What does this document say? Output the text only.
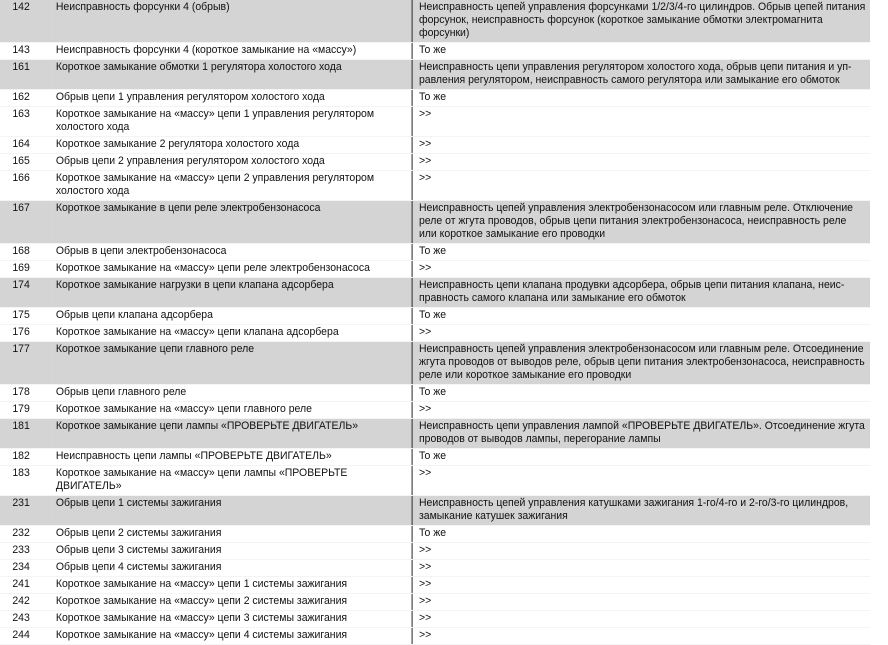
142	Неисправность форсунки 4 (обрыв)	Неисправность цепей управления форсунками 1/2/3/4-го цилиндров. Обрыв цепей питания форсунок, неисправность форсунок (короткое замыкание обмотки электромагнита форсунки)
143	Неисправность форсунки 4 (короткое замыкание на «массу»)	То же
161	Короткое замыкание обмотки 1 регулятора холостого хода	Неисправность цепи управления регулятором холостого хода, обрыв цепи питания и управления регулятором, неисправность самого регулятора или замыкание его обмоток
162	Обрыв цепи 1 управления регулятором холостого хода	То же
163	Короткое замыкание на «массу» цепи 1 управления регулятором холостого хода	>>
164	Короткое замыкание 2 регулятора холостого хода	>>
165	Обрыв цепи 2 управления регулятором холостого хода	>>
166	Короткое замыкание на «массу» цепи 2 управления регулятором холостого хода	>>
167	Короткое замыкание в цепи реле электробензонасоса	Неисправность цепей управления электробензонасосом или главным реле. Отключение реле от жгута проводов, обрыв цепи питания электробензонасоса, неисправность реле или короткое замыкание его проводки
168	Обрыв в цепи электробензонасоса	То же
169	Короткое замыкание на «массу» цепи реле электробензонасоса	>>
174	Короткое замыкание нагрузки в цепи клапана адсорбера	Неисправность цепи клапана продувки адсорбера, обрыв цепи питания клапана, неисправность самого клапана или замыкание его обмоток
175	Обрыв цепи клапана адсорбера	То же
176	Короткое замыкание на «массу» цепи клапана адсорбера	>>
177	Короткое замыкание цепи главного реле	Неисправность цепей управления электробензонасосом или главным реле. Отсоединение жгута проводов от выводов реле, обрыв цепи питания электробензонасоса, неисправность реле или короткое замыкание его проводки
178	Обрыв цепи главного реле	То же
179	Короткое замыкание на «массу» цепи главного реле	>>
181	Короткое замыкание цепи лампы «ПРОВЕРЬТЕ ДВИГАТЕЛЬ»	Неисправность цепи управления лампой «ПРОВЕРЬТЕ ДВИГАТЕЛЬ». Отсоединение жгута проводов от выводов лампы, перегорание лампы
182	Неисправность цепи лампы «ПРОВЕРЬТЕ ДВИГАТЕЛЬ»	То же
183	Короткое замыкание на «массу» цепи лампы «ПРОВЕРЬТЕ ДВИГАТЕЛЬ»	>>
231	Обрыв цепи 1 системы зажигания	Неисправность цепей управления катушками зажигания 1-го/4-го и 2-го/3-го цилиндров, замыкание катушек зажигания
232	Обрыв цепи 2 системы зажигания	То же
233	Обрыв цепи 3 системы зажигания	>>
234	Обрыв цепи 4 системы зажигания	>>
241	Короткое замыкание на «массу» цепи 1 системы зажигания	>>
242	Короткое замыкание на «массу» цепи 2 системы зажигания	>>
243	Короткое замыкание на «массу» цепи 3 системы зажигания	>>
244	Короткое замыкание на «массу» цепи 4 системы зажигания	>>
